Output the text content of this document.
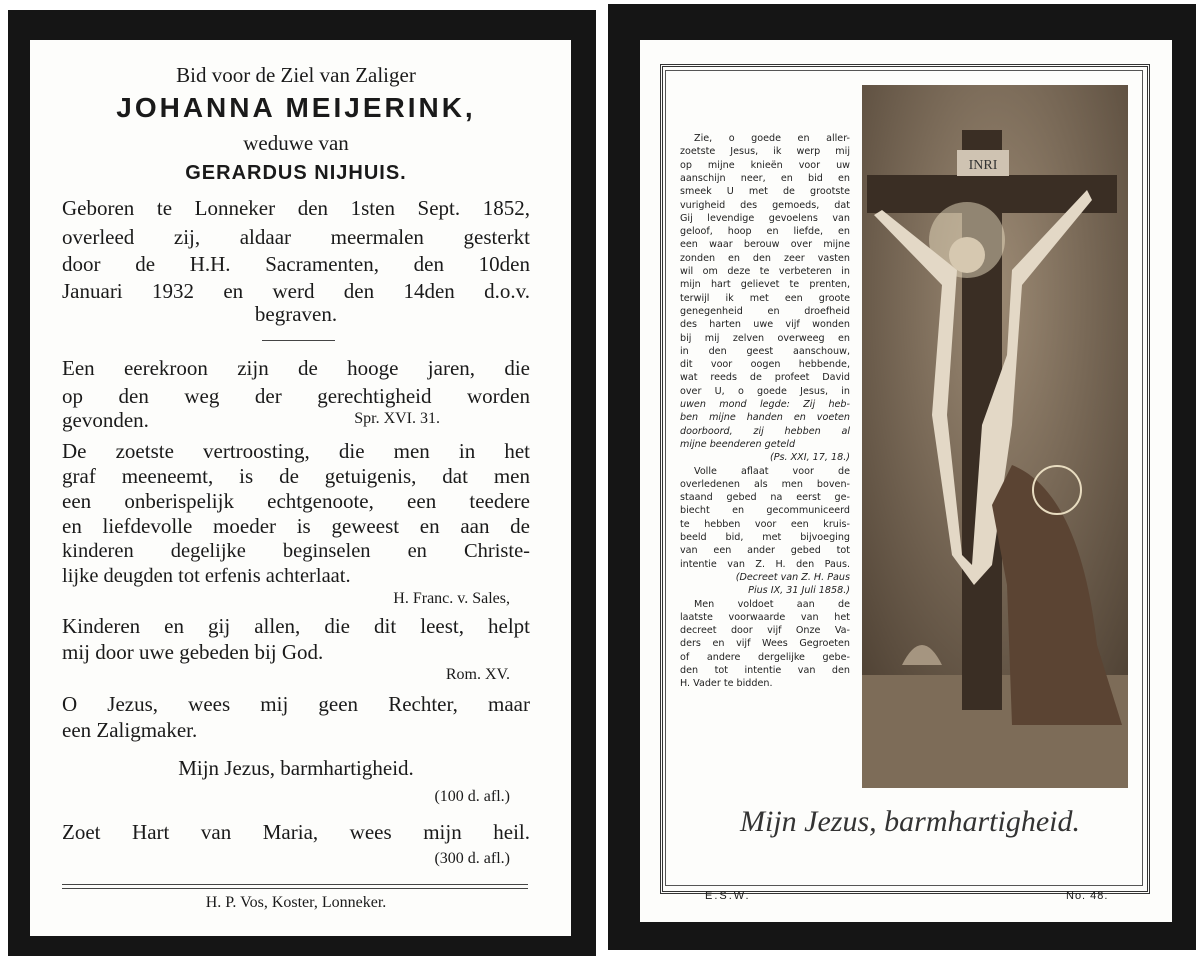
Bid voor de Ziel van Zaliger
JOHANNA MEIJERINK,
weduwe van
GERARDUS NIJHUIS.
Geboren te Lonneker den 1sten Sept. 1852,
overleed zij, aldaar meermalen gesterkt
door de H.H. Sacramenten, den 10den
Januari 1932 en werd den 14den d.o.v.
begraven.
Een eerekroon zijn de hooge jaren, die
op den weg der gerechtigheid worden
gevonden.
De zoetste vertroosting, die men in het
graf meeneemt, is de getuigenis, dat men
een onberispelijk echtgenoote, een teedere
en liefdevolle moeder is geweest en aan de
kinderen degelijke beginselen en Christe-
lijke deugden tot erfenis achterlaat.
Kinderen en gij allen, die dit leest, helpt
mij door uwe gebeden bij God.
O Jezus, wees mij geen Rechter, maar
een Zaligmaker.
Mijn Jezus, barmhartigheid.
Zoet Hart van Maria, wees mijn heil.
Spr. XVI. 31.
H. Franc. v. Sales,
Rom. XV.
(100 d. afl.)
(300 d. afl.)
H. P. Vos, Koster, Lonneker.
INRI
Zie, o goede en aller-
zoetste Jesus, ik werp mij
op mijne knieën voor uw
aanschijn neer, en bid en
smeek U met de grootste
vurigheid des gemoeds, dat
Gij levendige gevoelens van
geloof, hoop en liefde, en
een waar berouw over mijne
zonden en den zeer vasten
wil om deze te verbeteren in
mijn hart gelievet te prenten,
terwijl ik met een groote
genegenheid en droefheid
des harten uwe vijf wonden
bij mij zelven overweeg en
in den geest aanschouw,
dit voor oogen hebbende,
wat reeds de profeet David
over U, o goede Jesus, in
uwen mond legde: Zij heb-
ben mijne handen en voeten
doorboord, zij hebben al
mijne beenderen geteld
(Ps. XXI, 17, 18.)
Volle aflaat voor de
overledenen als men boven-
staand gebed na eerst ge-
biecht en gecommuniceerd
te hebben voor een kruis-
beeld bid, met bijvoeging
van een ander gebed tot
intentie van Z. H. den Paus.
(Decreet van Z. H. Paus
Pius IX, 31 Juli 1858.)
Men voldoet aan de
laatste voorwaarde van het
decreet door vijf Onze Va-
ders en vijf Wees Gegroeten
of andere dergelijke gebe-
den tot intentie van den
H. Vader te bidden.
Mijn Jezus, barmhartigheid.
E.S.W.	No. 48.
